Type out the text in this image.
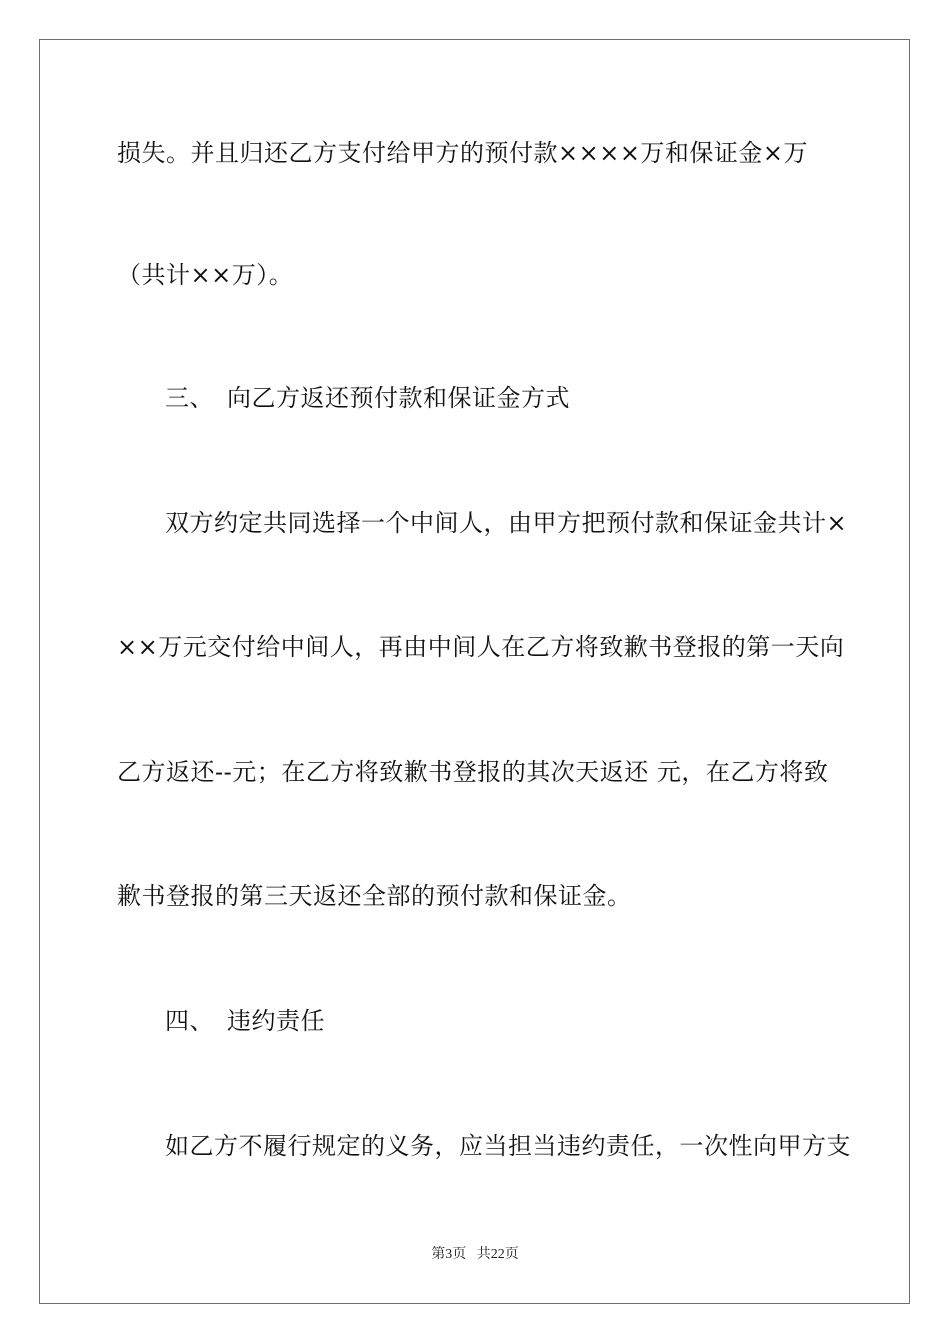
损失。并且归还乙方支付给甲方的预付款××××万和保证金×万
（共计××万）。
三、 向乙方返还预付款和保证金方式
双方约定共同选择一个中间人，由甲方把预付款和保证金共计×
××万元交付给中间人，再由中间人在乙方将致歉书登报的第一天向
乙方返还--元；在乙方将致歉书登报的其次天返还 元，在乙方将致
歉书登报的第三天返还全部的预付款和保证金。
四、 违约责任
如乙方不履行规定的义务，应当担当违约责任，一次性向甲方支
第3页 共22页
